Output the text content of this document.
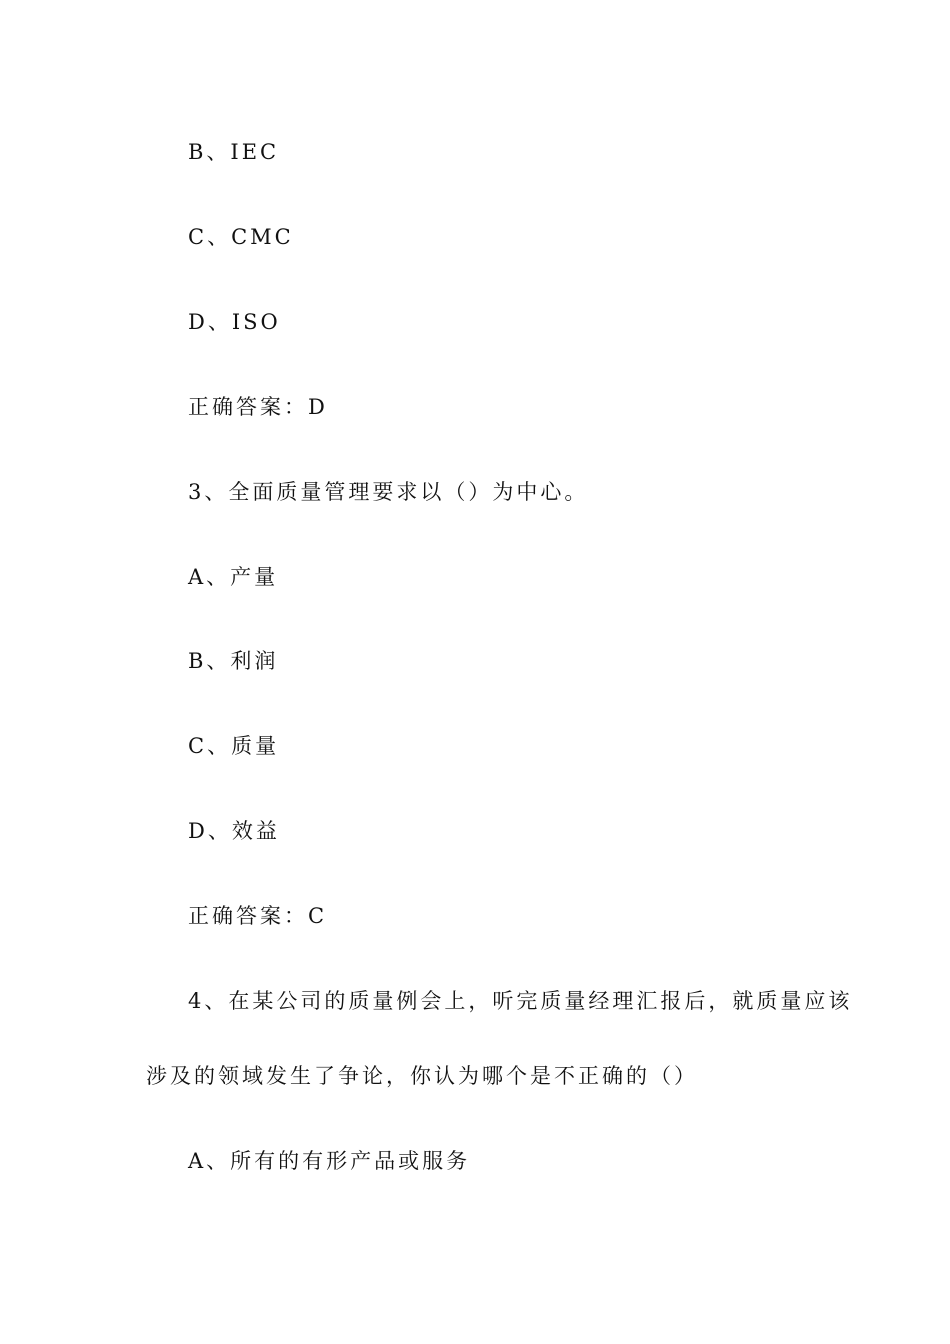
B、IEC
C、CMC
D、ISO
正确答案：D
3、全面质量管理要求以（）为中心。
A、产量
B、利润
C、质量
D、效益
正确答案：C
4、在某公司的质量例会上，听完质量经理汇报后，就质量应该
涉及的领域发生了争论，你认为哪个是不正确的（）
A、所有的有形产品或服务
